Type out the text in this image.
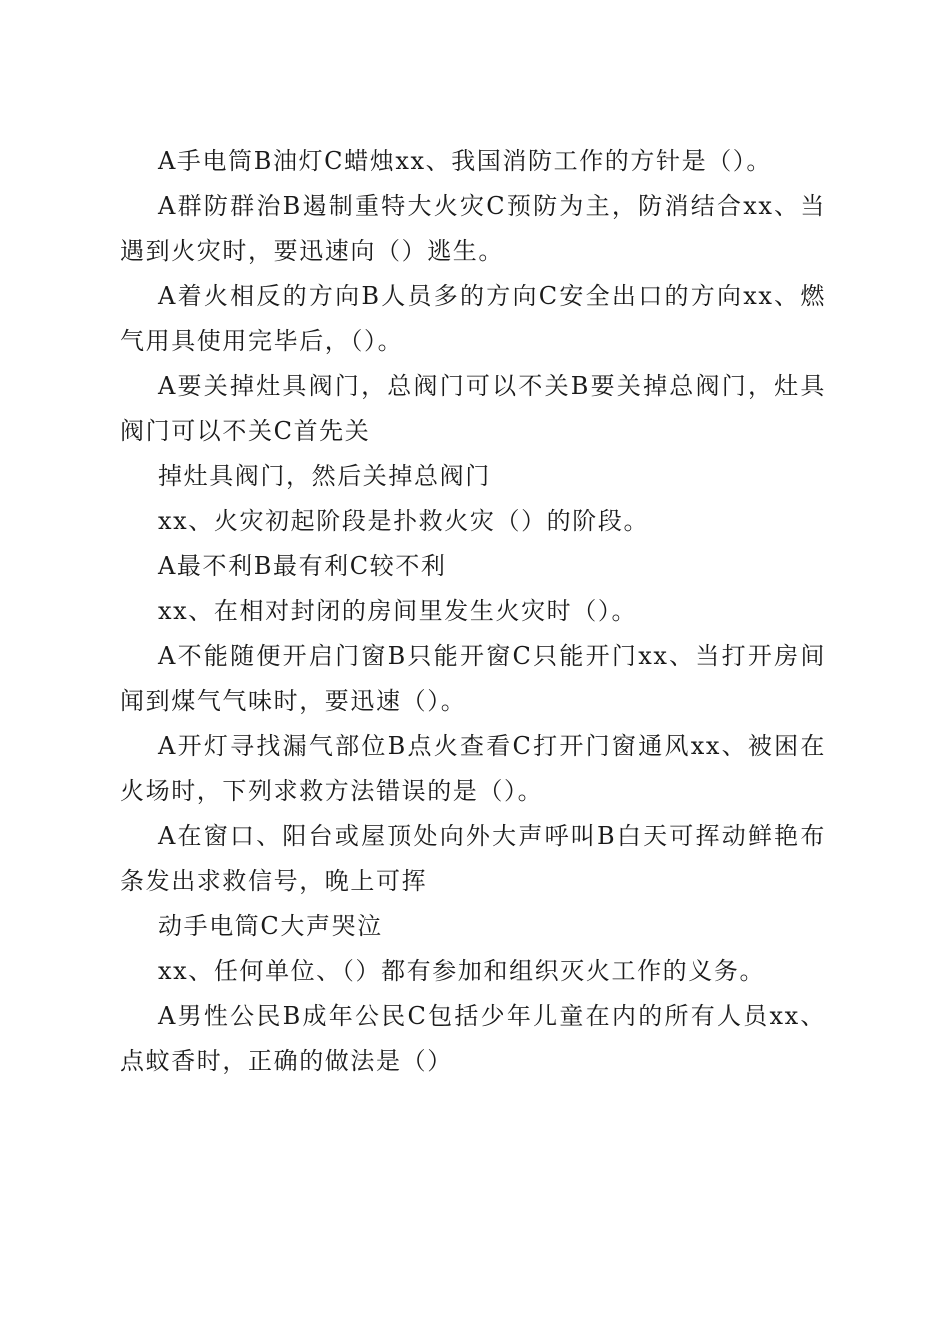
A手电筒B油灯C蜡烛xx、我国消防工作的方针是（）。

A群防群治B遏制重特大火灾C预防为主，防消结合xx、当遇到火灾时，要迅速向（）逃生。

A着火相反的方向B人员多的方向C安全出口的方向xx、燃气用具使用完毕后，（）。

A要关掉灶具阀门，总阀门可以不关B要关掉总阀门，灶具阀门可以不关C首先关

掉灶具阀门，然后关掉总阀门

xx、火灾初起阶段是扑救火灾（）的阶段。

A最不利B最有利C较不利

xx、在相对封闭的房间里发生火灾时（）。

A不能随便开启门窗B只能开窗C只能开门xx、当打开房间闻到煤气气味时，要迅速（）。

A开灯寻找漏气部位B点火查看C打开门窗通风xx、被困在火场时，下列求救方法错误的是（）。

A在窗口、阳台或屋顶处向外大声呼叫B白天可挥动鲜艳布条发出求救信号，晚上可挥

动手电筒C大声哭泣

xx、任何单位、（）都有参加和组织灭火工作的义务。

A男性公民B成年公民C包括少年儿童在内的所有人员xx、点蚊香时，正确的做法是（）
